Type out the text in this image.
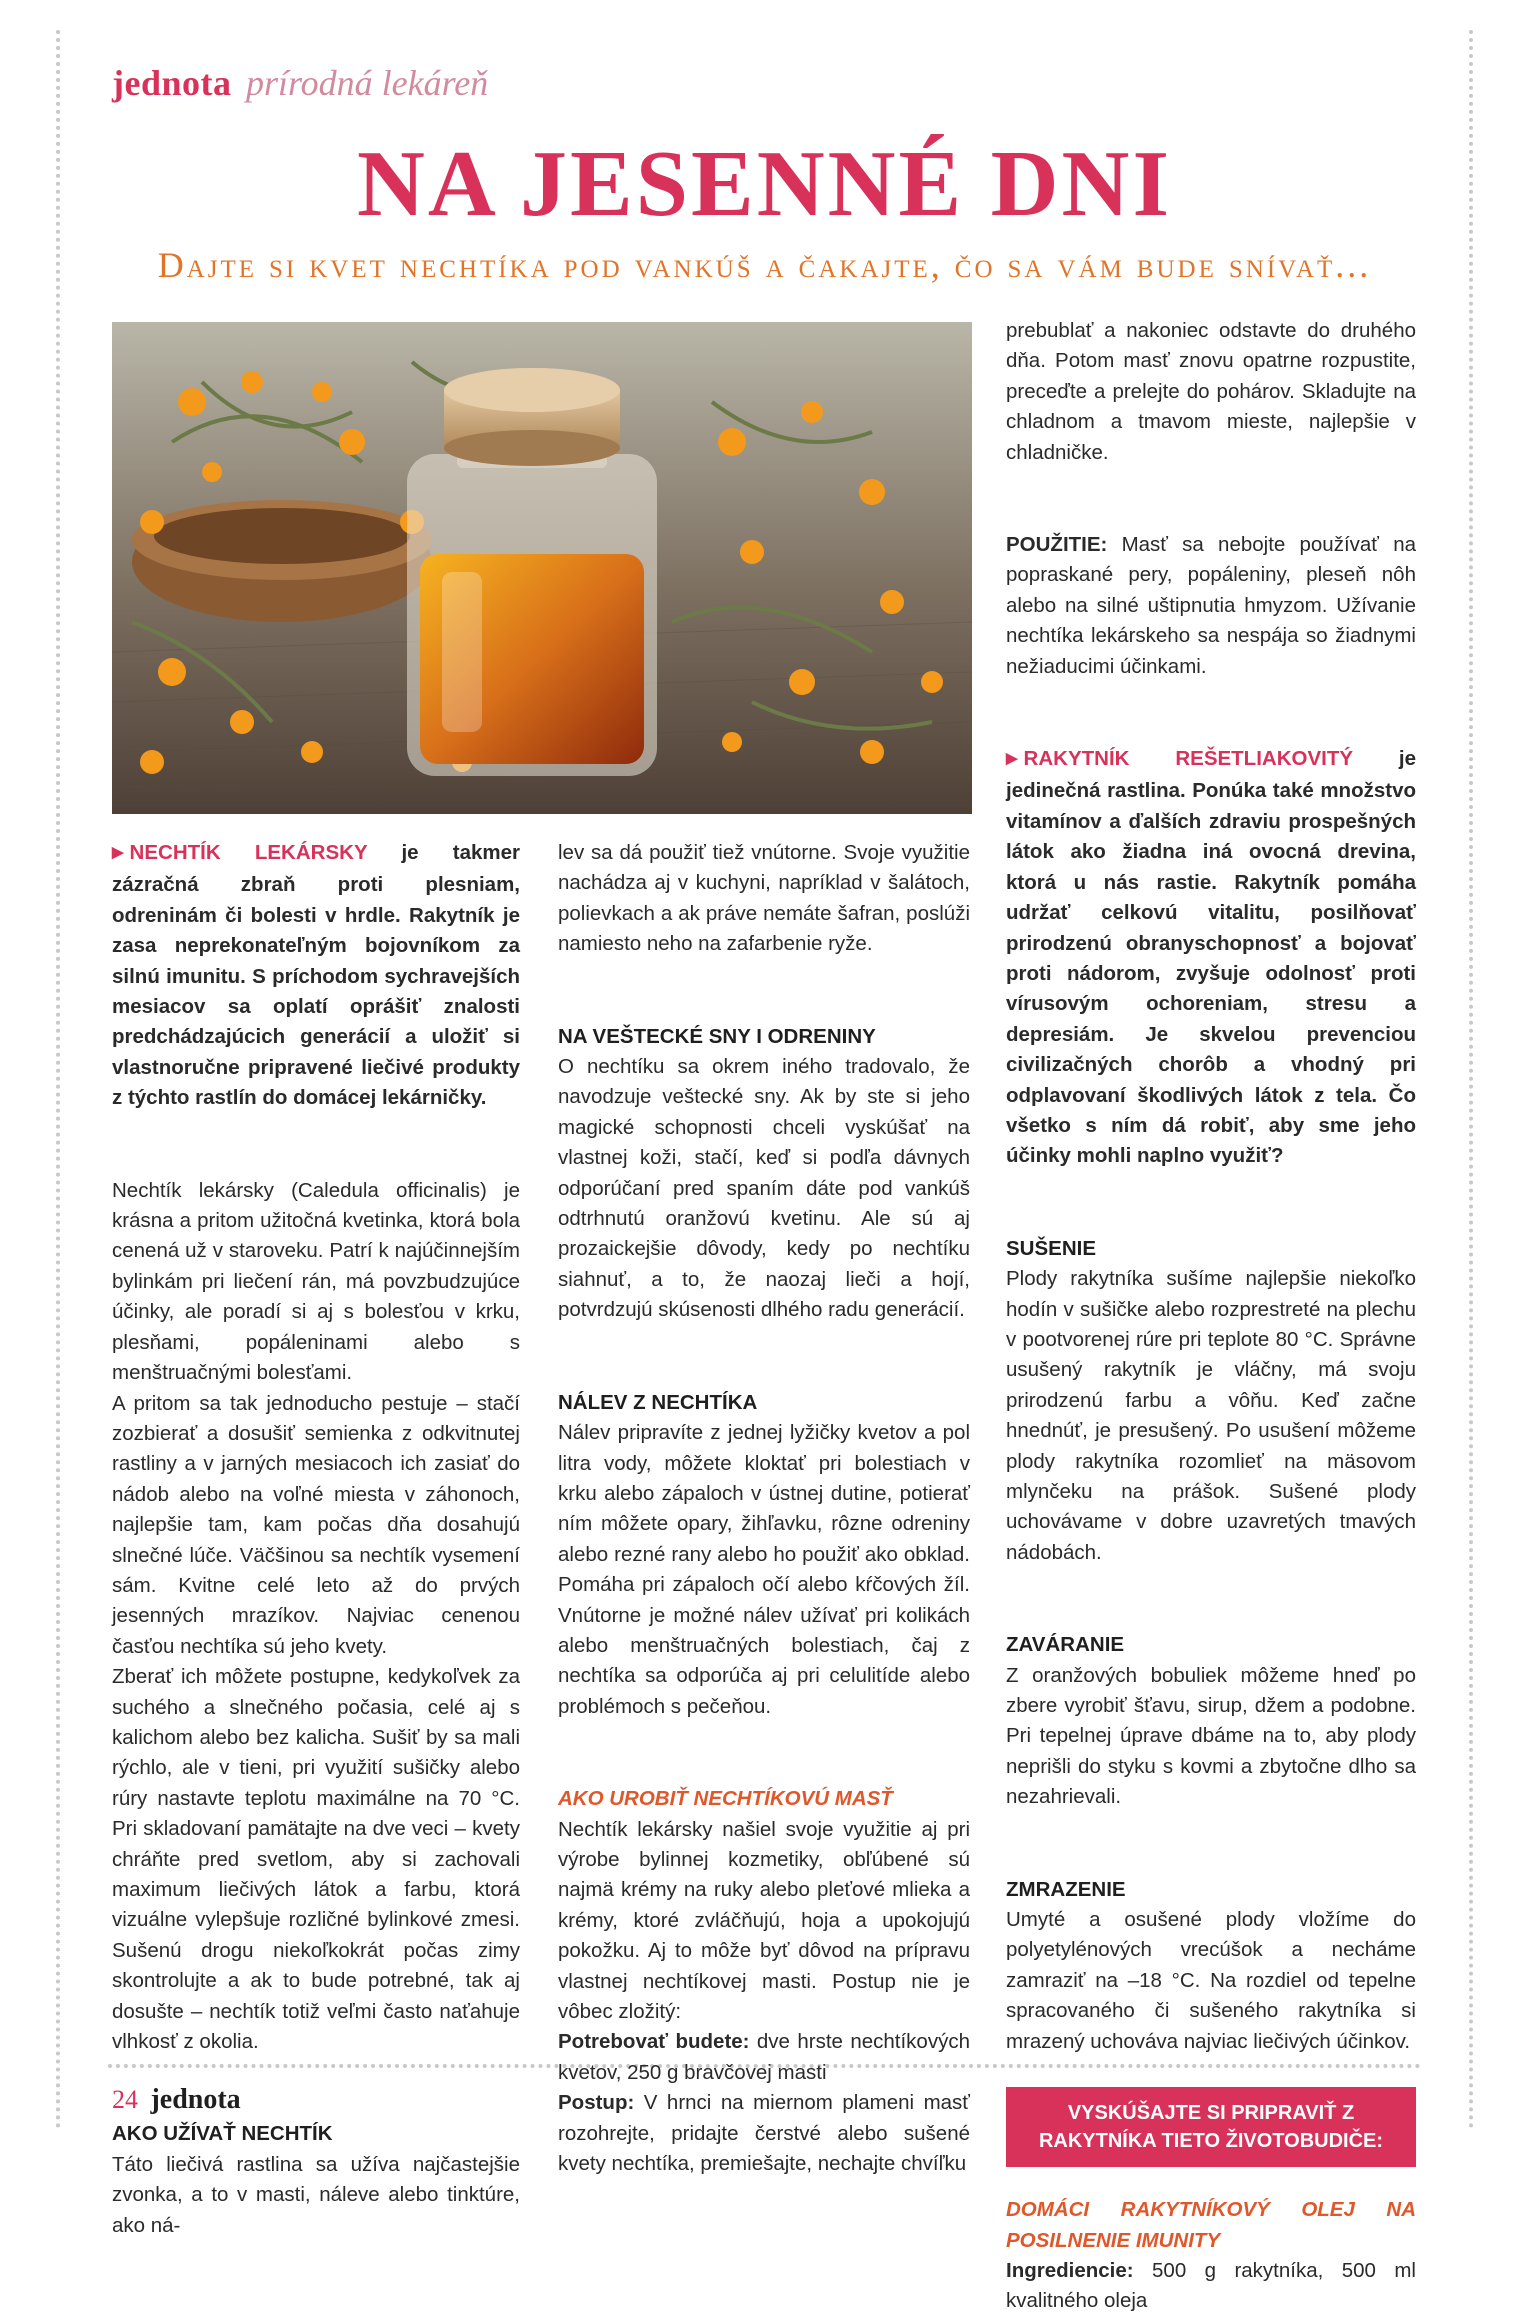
jednota prírodná lekáreň
NA JESENNÉ DNI
Dajte si kvet nechtíka pod vankúš a čakajte, čo sa vám bude snívať...

▶ NECHTÍK LEKÁRSKY je takmer zázračná zbraň proti plesniam, odreninám či bolesti v hrdle. Rakytník je zasa neprekonateľným bojovníkom za silnú imunitu. S príchodom sychravejších mesiacov sa oplatí oprášiť znalosti predchádzajúcich generácií a uložiť si vlastnoručne pripravené liečivé produkty z týchto rastlín do domácej lekárničky.

Nechtík lekársky (Caledula officinalis) je krásna a pritom užitočná kvetinka, ktorá bola cenená už v staroveku. Patrí k najúčinnejším bylinkám pri liečení rán, má povzbudzujúce účinky, ale poradí si aj s bolesťou v krku, plesňami, popáleninami alebo s menštruačnými bolesťami.

A pritom sa tak jednoducho pestuje – stačí zozbierať a dosušiť semienka z odkvitnutej rastliny a v jarných mesiacoch ich zasiať do nádob alebo na voľné miesta v záhonoch, najlepšie tam, kam počas dňa dosahujú slnečné lúče. Väčšinou sa nechtík vysemení sám. Kvitne celé leto až do prvých jesenných mrazíkov. Najviac cenenou časťou nechtíka sú jeho kvety.

Zberať ich môžete postupne, kedykoľvek za suchého a slnečného počasia, celé aj s kalichom alebo bez kalicha. Sušiť by sa mali rýchlo, ale v tieni, pri využití sušičky alebo rúry nastavte teplotu maximálne na 70 °C. Pri skladovaní pamätajte na dve veci – kvety chráňte pred svetlom, aby si zachovali maximum liečivých látok a farbu, ktorá vizuálne vylepšuje rozličné bylinkové zmesi. Sušenú drogu niekoľkokrát počas zimy skontrolujte a ak to bude potrebné, tak aj dosušte – nechtík totiž veľmi často naťahuje vlhkosť z okolia.

AKO UŽÍVAŤ NECHTÍK

Táto liečivá rastlina sa užíva najčastejšie zvonka, a to v masti, náleve alebo tinktúre, ako ná-

lev sa dá použiť tiež vnútorne. Svoje využitie nachádza aj v kuchyni, napríklad v šalátoch, polievkach a ak práve nemáte šafran, poslúži namiesto neho na zafarbenie ryže.

NA VEŠTECKÉ SNY I ODRENINY

O nechtíku sa okrem iného tradovalo, že navodzuje veštecké sny. Ak by ste si jeho magické schopnosti chceli vyskúšať na vlastnej koži, stačí, keď si podľa dávnych odporúčaní pred spaním dáte pod vankúš odtrhnutú oranžovú kvetinu. Ale sú aj prozaickejšie dôvody, kedy po nechtíku siahnuť, a to, že naozaj lieči a hojí, potvrdzujú skúsenosti dlhého radu generácií.

NÁLEV Z NECHTÍKA

Nálev pripravíte z jednej lyžičky kvetov a pol litra vody, môžete kloktať pri bolestiach v krku alebo zápaloch v ústnej dutine, potierať ním môžete opary, žihľavku, rôzne odreniny alebo rezné rany alebo ho použiť ako obklad. Pomáha pri zápaloch očí alebo kŕčových žíl. Vnútorne je možné nálev užívať pri kolikách alebo menštruačných bolestiach, čaj z nechtíka sa odporúča aj pri celulitíde alebo problémoch s pečeňou.

AKO UROBIŤ NECHTÍKOVÚ MASŤ

Nechtík lekársky našiel svoje využitie aj pri výrobe bylinnej kozmetiky, obľúbené sú najmä krémy na ruky alebo pleťové mlieka a krémy, ktoré zvláčňujú, hoja a upokojujú pokožku. Aj to môže byť dôvod na prípravu vlastnej nechtíkovej masti. Postup nie je vôbec zložitý:

Potrebovať budete: dve hrste nechtíkových kvetov, 250 g bravčovej masti

Postup: V hrnci na miernom plameni masť rozohrejte, pridajte čerstvé alebo sušené kvety nechtíka, premiešajte, nechajte chvíľku

prebublať a nakoniec odstavte do druhého dňa. Potom masť znovu opatrne rozpustite, preceďte a prelejte do pohárov. Skladujte na chladnom a tmavom mieste, najlepšie v chladničke.

POUŽITIE: Masť sa nebojte používať na popraskané pery, popáleniny, pleseň nôh alebo na silné uštipnutia hmyzom. Užívanie nechtíka lekárskeho sa nespája so žiadnymi nežiaducimi účinkami.

▶ RAKYTNÍK REŠETLIAKOVITÝ je jedinečná rastlina. Ponúka také množstvo vitamínov a ďalších zdraviu prospešných látok ako žiadna iná ovocná drevina, ktorá u nás rastie. Rakytník pomáha udržať celkovú vitalitu, posilňovať prirodzenú obranyschopnosť a bojovať proti nádorom, zvyšuje odolnosť proti vírusovým ochoreniam, stresu a depresiám. Je skvelou prevenciou civilizačných chorôb a vhodný pri odplavovaní škodlivých látok z tela. Čo všetko s ním dá robiť, aby sme jeho účinky mohli naplno využiť?

SUŠENIE

Plody rakytníka sušíme najlepšie niekoľko hodín v sušičke alebo rozprestreté na plechu v pootvorenej rúre pri teplote 80 °C. Správne usušený rakytník je vláčny, má svoju prirodzenú farbu a vôňu. Keď začne hnednúť, je presušený. Po usušení môžeme plody rakytníka rozomlieť na mäsovom mlynčeku na prášok. Sušené plody uchovávame v dobre uzavretých tmavých nádobách.

ZAVÁRANIE

Z oranžových bobuliek môžeme hneď po zbere vyrobiť šťavu, sirup, džem a podobne. Pri tepelnej úprave dbáme na to, aby plody neprišli do styku s kovmi a zbytočne dlho sa nezahrievali.

ZMRAZENIE

Umyté a osušené plody vložíme do polyetylénových vrecúšok a necháme zamraziť na –18 °C. Na rozdiel od tepelne spracovaného či sušeného rakytníka si mrazený uchováva najviac liečivých účinkov.

VYSKÚŠAJTE SI PRIPRAVIŤ Z RAKYTNÍKA TIETO ŽIVOTOBUDIČE:

DOMÁCI RAKYTNÍKOVÝ OLEJ NA POSILNENIE IMUNITY

Ingrediencie: 500 g rakytníka, 500 ml kvalitného oleja

24 jednota
